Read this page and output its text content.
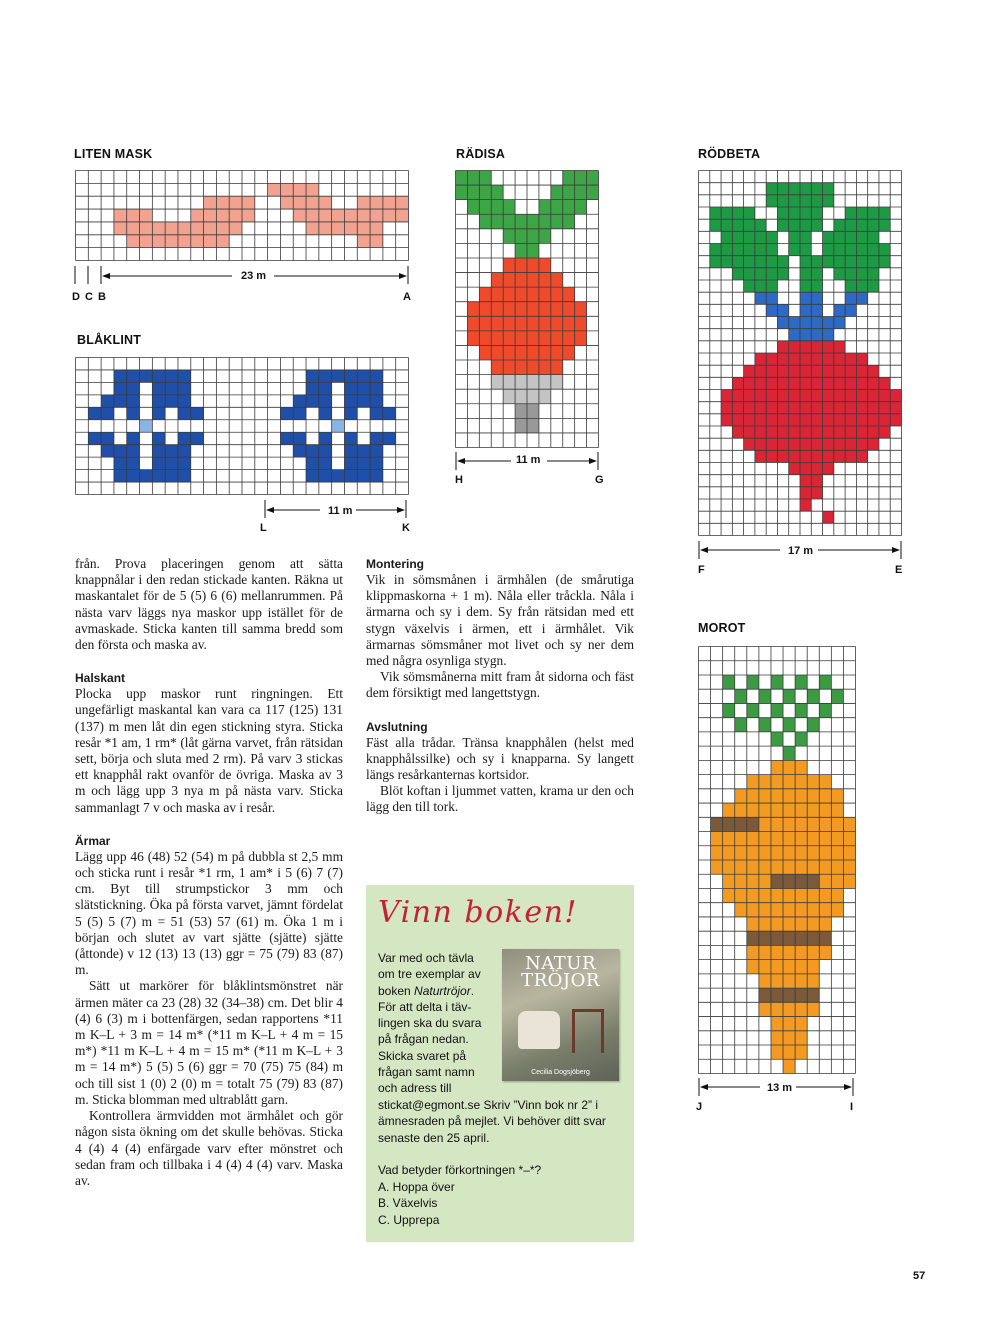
LITEN MASK
23 m
D C B	A
BLÅKLINT
11 m
L	K
RÄDISA
11 m
H	G
RÖDBETA
17 m
F	E
MOROT
13 m
J	I

från. Prova placeringen genom att sätta knappnålar i den redan stickade kanten. Räkna ut maskantalet för de 5 (5) 6 (6) mellanrummen. På nästa varv läggs nya maskor upp istället för de avmaskade. Sticka kanten till samma bredd som den första och maska av.

Halskant

Plocka upp maskor runt ringningen. Ett ungefärligt maskantal kan vara ca 117 (125) 131 (137) m men låt din egen stickning styra. Sticka resår *1 am, 1 rm* (låt gärna varvet, från rätsidan sett, börja och sluta med 2 rm). På varv 3 stickas ett knapphål rakt ovanför de övriga. Maska av 3 m och lägg upp 3 nya m på nästa varv. Sticka sammanlagt 7 v och maska av i resår.

Ärmar

Lägg upp 46 (48) 52 (54) m på dubbla st 2,5 mm och sticka runt i resår *1 rm, 1 am* i 5 (6) 7 (7) cm. Byt till strumpstickor 3 mm och slätstickning. Öka på första varvet, jämnt fördelat 5 (5) 5 (7) m = 51 (53) 57 (61) m. Öka 1 m i början och slutet av vart sjätte (sjätte) sjätte (åttonde) v 12 (13) 13 (13) ggr = 75 (79) 83 (87) m.

Sätt ut markörer för blåklintsmönstret när ärmen mäter ca 23 (28) 32 (34–38) cm. Det blir 4 (4) 6 (3) m i bottenfärgen, sedan rapportens *11 m K–L + 3 m = 14 m* (*11 m K–L + 4 m = 15 m*) *11 m K–L + 4 m = 15 m* (*11 m K–L + 3 m = 14 m*) 5 (5) 5 (6) ggr = 70 (75) 75 (84) m och till sist 1 (0) 2 (0) m = totalt 75 (79) 83 (87) m. Sticka blomman med ultrablått garn.

Kontrollera ärmvidden mot ärmhålet och gör någon sista ökning om det skulle behövas. Sticka 4 (4) 4 (4) enfärgade varv efter mönstret och sedan fram och tillbaka i 4 (4) 4 (4) varv. Maska av.

Montering

Vik in sömsmånen i ärmhålen (de smårutiga klippmaskorna + 1 m). Nåla eller tråckla. Nåla i ärmarna och sy i dem. Sy från rätsidan med ett stygn växelvis i ärmen, ett i ärmhålet. Vik ärmarnas sömsmåner mot livet och sy ner dem med några osynliga stygn.

Vik sömsmånerna mitt fram åt sidorna och fäst dem försiktigt med langettstygn.

Avslutning

Fäst alla trådar. Tränsa knapphålen (helst med knapphålssilke) och sy i knapparna. Sy langett längs resårkanternas kortsidor.

Blöt koftan i ljummet vatten, krama ur den och lägg den till tork.

Vinn boken!
Var med och tävla
om tre exemplar av
boken Naturtröjor.
För att delta i täv-
lingen ska du svara
på frågan nedan.
Skicka svaret på
frågan samt namn
och adress till
NATUR
TRÖJOR
Cecilia Dogsjöberg
stickat@egmont.se Skriv ”Vinn bok nr 2” i ämnesraden på mejlet. Vi behöver ditt svar senaste den 25 april.
Vad betyder förkortningen *–*?
A. Hoppa över
B. Växelvis
C. Upprepa
57
